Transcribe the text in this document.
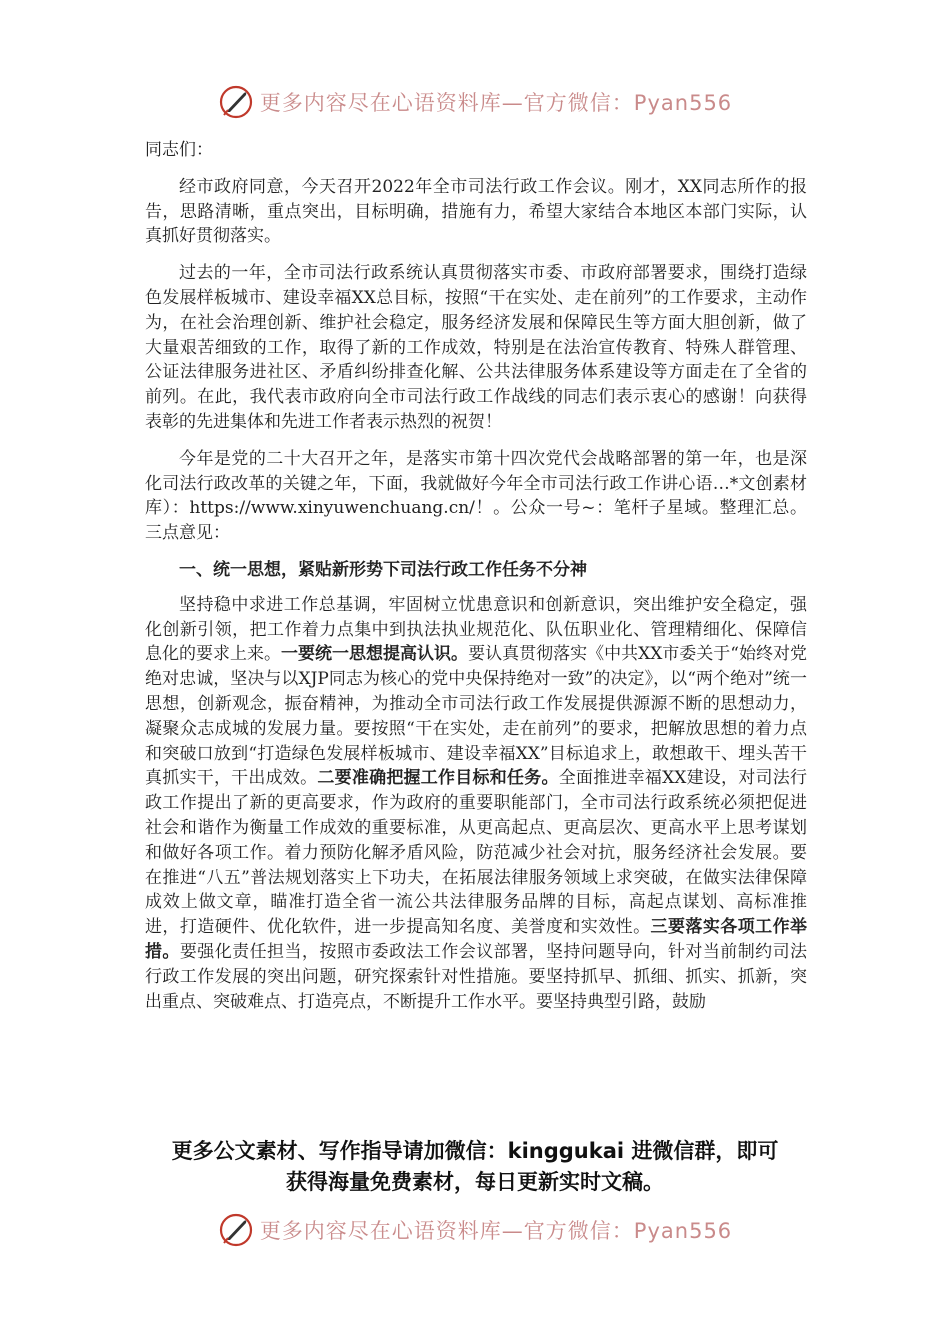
更多内容尽在心语资料库—官方微信：Pyan556

同志们：

经市政府同意，今天召开2022年全市司法行政工作会议。刚才，XX同志所作的报告，思路清晰，重点突出，目标明确，措施有力，希望大家结合本地区本部门实际，认真抓好贯彻落实。

过去的一年，全市司法行政系统认真贯彻落实市委、市政府部署要求，围绕打造绿色发展样板城市、建设幸福XX总目标，按照“干在实处、走在前列”的工作要求，主动作为，在社会治理创新、维护社会稳定，服务经济发展和保障民生等方面大胆创新，做了大量艰苦细致的工作，取得了新的工作成效，特别是在法治宣传教育、特殊人群管理、公证法律服务进社区、矛盾纠纷排查化解、公共法律服务体系建设等方面走在了全省的前列。在此，我代表市政府向全市司法行政工作战线的同志们表示衷心的感谢！向获得表彰的先进集体和先进工作者表示热烈的祝贺！

今年是党的二十大召开之年，是落实市第十四次党代会战略部署的第一年，也是深化司法行政改革的关键之年，下面，我就做好今年全市司法行政工作讲心语…*文创素材库）：https://www.xinyuwenchuang.cn/！。公众一号~：笔杆子星域。整理汇总。三点意见：

一、统一思想，紧贴新形势下司法行政工作任务不分神

坚持稳中求进工作总基调，牢固树立忧患意识和创新意识，突出维护安全稳定，强化创新引领，把工作着力点集中到执法执业规范化、队伍职业化、管理精细化、保障信息化的要求上来。一要统一思想提高认识。要认真贯彻落实《中共XX市委关于“始终对党绝对忠诚，坚决与以XJP同志为核心的党中央保持绝对一致”的决定》，以“两个绝对”统一思想，创新观念，振奋精神，为推动全市司法行政工作发展提供源源不断的思想动力，凝聚众志成城的发展力量。要按照“干在实处，走在前列”的要求，把解放思想的着力点和突破口放到“打造绿色发展样板城市、建设幸福XX”目标追求上，敢想敢干、埋头苦干真抓实干，干出成效。二要准确把握工作目标和任务。全面推进幸福XX建设，对司法行政工作提出了新的更高要求，作为政府的重要职能部门，全市司法行政系统必须把促进社会和谐作为衡量工作成效的重要标准，从更高起点、更高层次、更高水平上思考谋划和做好各项工作。着力预防化解矛盾风险，防范减少社会对抗，服务经济社会发展。要在推进“八五”普法规划落实上下功夫，在拓展法律服务领域上求突破，在做实法律保障成效上做文章，瞄准打造全省一流公共法律服务品牌的目标，高起点谋划、高标准推进，打造硬件、优化软件，进一步提高知名度、美誉度和实效性。三要落实各项工作举措。要强化责任担当，按照市委政法工作会议部署，坚持问题导向，针对当前制约司法行政工作发展的突出问题，研究探索针对性措施。要坚持抓早、抓细、抓实、抓新，突出重点、突破难点、打造亮点，不断提升工作水平。要坚持典型引路，鼓励

更多公文素材、写作指导请加微信：kinggukai 进微信群，即可
获得海量免费素材，每日更新实时文稿。
更多内容尽在心语资料库—官方微信：Pyan556
